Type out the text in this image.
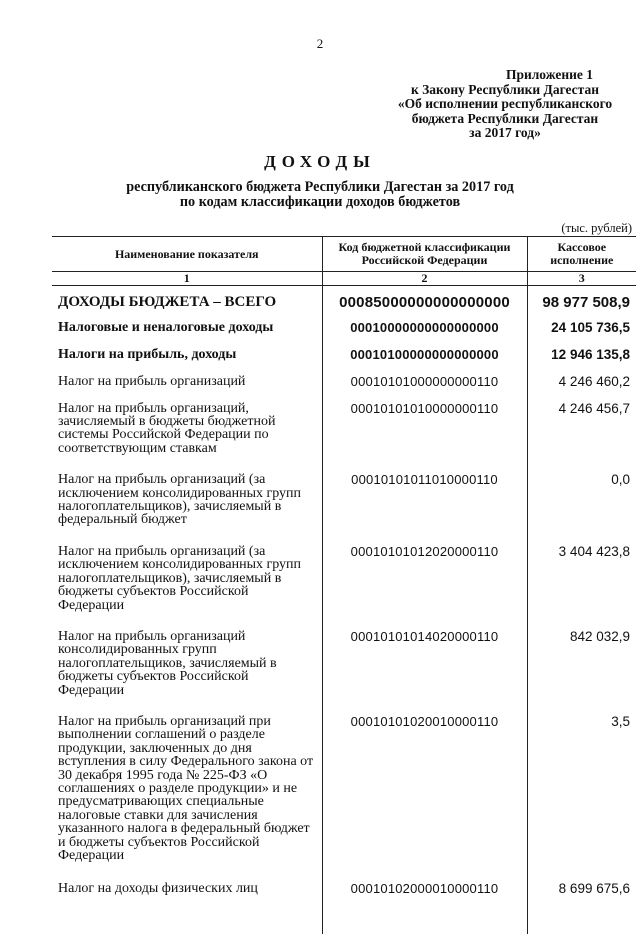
2
Приложение 1
к Закону Республики Дагестан
«Об исполнении республиканского
бюджета Республики Дагестан
за 2017 год»
ДОХОДЫ
республиканского бюджета Республики Дагестан за 2017 год
по кодам классификации доходов бюджетов
(тыс. рублей)
Наименование показателя	Код бюджетной классификации Российской Федерации	Кассовое исполнение
1	2	3
ДОХОДЫ БЮДЖЕТА – ВСЕГО	00085000000000000000	98 977 508,9
Налоговые и неналоговые доходы	00010000000000000000	24 105 736,5
Налоги на прибыль, доходы	00010100000000000000	12 946 135,8
Налог на прибыль организаций	00010101000000000110	4 246 460,2
Налог на прибыль организаций, зачисляемый в бюджеты бюджетной системы Российской Федерации по соответствующим ставкам	00010101010000000110	4 246 456,7
Налог на прибыль организаций (за исключением консолидированных групп налогоплательщиков), зачисляемый в федеральный бюджет	00010101011010000110	0,0
Налог на прибыль организаций (за исключением консолидированных групп налогоплательщиков), зачисляемый в бюджеты субъектов Российской Федерации	00010101012020000110	3 404 423,8
Налог на прибыль организаций консолидированных групп налогоплательщиков, зачисляемый в бюджеты субъектов Российской Федерации	00010101014020000110	842 032,9
Налог на прибыль организаций при выполнении соглашений о разделе продукции, заключенных до дня вступления в силу Федерального закона от 30 декабря 1995 года № 225-ФЗ «О соглашениях о разделе продукции» и не предусматривающих специальные налоговые ставки для зачисления указанного налога в федеральный бюджет и бюджеты субъектов Российской Федерации	00010101020010000110	3,5
Налог на доходы физических лиц	00010102000010000110	8 699 675,6
